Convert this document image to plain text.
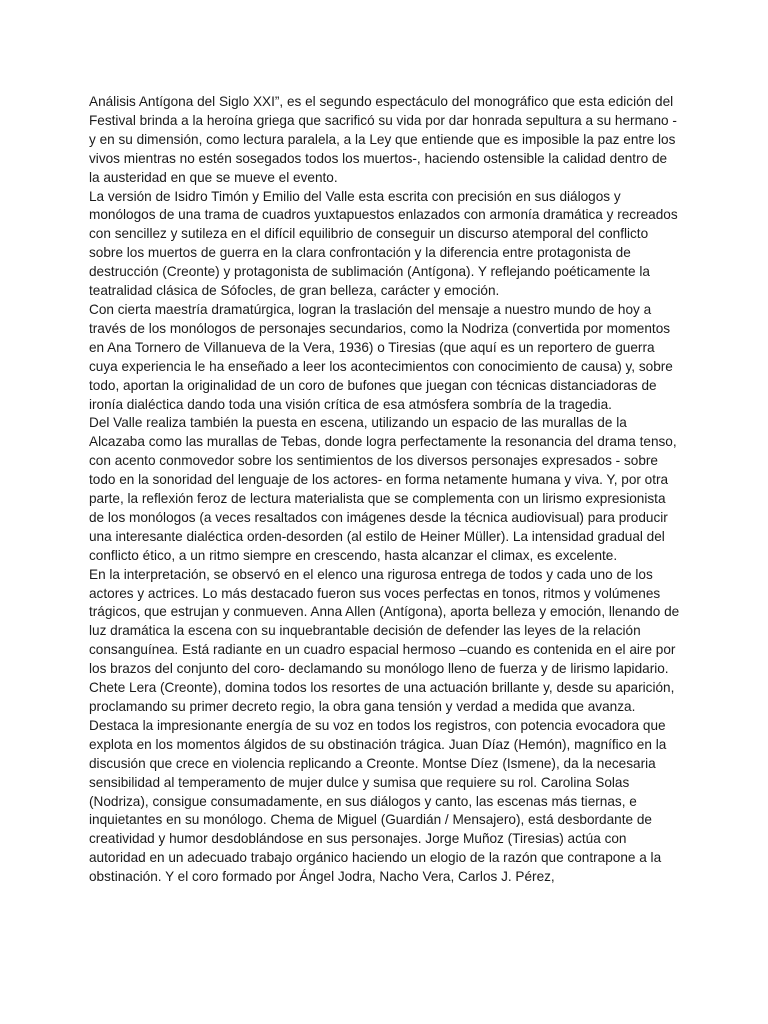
Análisis Antígona del Siglo XXI”, es el segundo espectáculo del monográfico que esta edición del Festival brinda a la heroína griega que sacrificó su vida por dar honrada sepultura a su hermano -y en su dimensión, como lectura paralela, a la Ley que entiende que es imposible la paz entre los vivos mientras no estén sosegados todos los muertos-, haciendo ostensible la calidad dentro de la austeridad en que se mueve el evento.

La versión de Isidro Timón y Emilio del Valle esta escrita con precisión en sus diálogos y monólogos de una trama de cuadros yuxtapuestos enlazados con armonía dramática y recreados con sencillez y sutileza en el difícil equilibrio de conseguir un discurso atemporal del conflicto sobre los muertos de guerra en la clara confrontación y la diferencia entre protagonista de destrucción (Creonte) y protagonista de sublimación (Antígona). Y reflejando poéticamente la teatralidad clásica de Sófocles, de gran belleza, carácter y emoción.

Con cierta maestría dramatúrgica, logran la traslación del mensaje a nuestro mundo de hoy a través de los monólogos de personajes secundarios, como la Nodriza (convertida por momentos en Ana Tornero de Villanueva de la Vera, 1936) o Tiresias (que aquí es un reportero de guerra cuya experiencia le ha enseñado a leer los acontecimientos con conocimiento de causa) y, sobre todo, aportan la originalidad de un coro de bufones que juegan con técnicas distanciadoras de ironía dialéctica dando toda una visión crítica de esa atmósfera sombría de la tragedia.

Del Valle realiza también la puesta en escena, utilizando un espacio de las murallas de la Alcazaba como las murallas de Tebas, donde logra perfectamente la resonancia del drama tenso, con acento conmovedor sobre los sentimientos de los diversos personajes expresados - sobre todo en la sonoridad del lenguaje de los actores- en forma netamente humana y viva. Y, por otra parte, la reflexión feroz de lectura materialista que se complementa con un lirismo expresionista de los monólogos (a veces resaltados con imágenes desde la técnica audiovisual) para producir una interesante dialéctica orden-desorden (al estilo de Heiner Müller). La intensidad gradual del conflicto ético, a un ritmo siempre en crescendo, hasta alcanzar el climax, es excelente.

En la interpretación, se observó en el elenco una rigurosa entrega de todos y cada uno de los actores y actrices. Lo más destacado fueron sus voces perfectas en tonos, ritmos y volúmenes trágicos, que estrujan y conmueven. Anna Allen (Antígona), aporta belleza y emoción, llenando de luz dramática la escena con su inquebrantable decisión de defender las leyes de la relación consanguínea. Está radiante en un cuadro espacial hermoso –cuando es contenida en el aire por los brazos del conjunto del coro- declamando su monólogo lleno de fuerza y de lirismo lapidario. Chete Lera (Creonte), domina todos los resortes de una actuación brillante y, desde su aparición, proclamando su primer decreto regio, la obra gana tensión y verdad a medida que avanza. Destaca la impresionante energía de su voz en todos los registros, con potencia evocadora que explota en los momentos álgidos de su obstinación trágica. Juan Díaz (Hemón), magnífico en la discusión que crece en violencia replicando a Creonte. Montse Díez (Ismene), da la necesaria sensibilidad al temperamento de mujer dulce y sumisa que requiere su rol. Carolina Solas (Nodriza), consigue consumadamente, en sus diálogos y canto, las escenas más tiernas, e inquietantes en su monólogo. Chema de Miguel (Guardián / Mensajero), está desbordante de creatividad y humor desdoblándose en sus personajes. Jorge Muñoz (Tiresias) actúa con autoridad en un adecuado trabajo orgánico haciendo un elogio de la razón que contrapone a la obstinación. Y el coro formado por Ángel Jodra, Nacho Vera, Carlos J. Pérez,
